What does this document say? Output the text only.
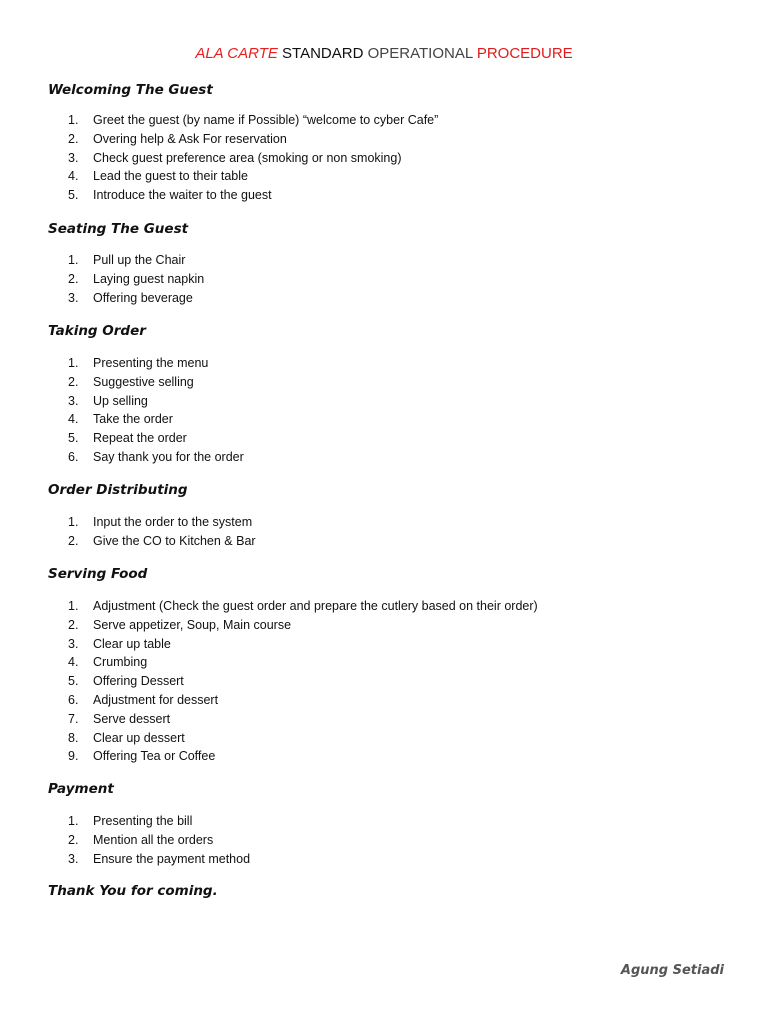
ALA CARTE STANDARD OPERATIONAL PROCEDURE
Welcoming The Guest
1. Greet the guest (by name if Possible) “welcome to cyber Cafe”
2. Overing help & Ask For reservation
3. Check guest preference area (smoking or non smoking)
4. Lead the guest to their table
5. Introduce the waiter to the guest
Seating The Guest
1. Pull up the Chair
2. Laying guest napkin
3. Offering beverage
Taking Order
1. Presenting the menu
2. Suggestive selling
3. Up selling
4. Take the order
5. Repeat the order
6. Say thank you for the order
Order Distributing
1. Input the order to the system
2. Give the CO to Kitchen & Bar
Serving Food
1. Adjustment (Check the guest order and prepare the cutlery based on their order)
2. Serve appetizer, Soup, Main course
3. Clear up table
4. Crumbing
5. Offering Dessert
6. Adjustment for dessert
7. Serve dessert
8. Clear up dessert
9. Offering Tea or Coffee
Payment
1. Presenting the bill
2. Mention all the orders
3. Ensure the payment method
Thank You for coming.
Agung Setiadi
